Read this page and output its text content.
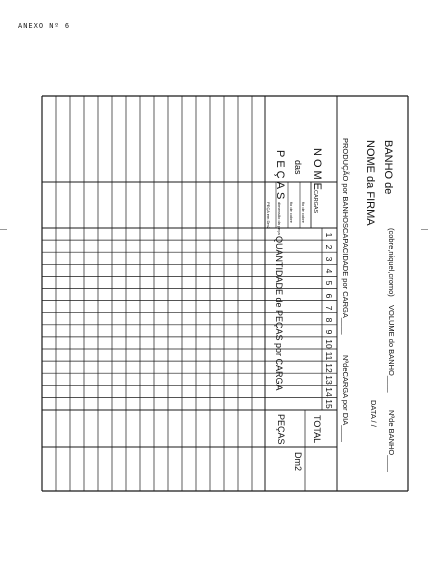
ANEXO Nº 6
BANHO de
(cobre,niquel,cromo)
VOLUME do BANHO____
Nºde BANHO____
NOME da FIRMA
DATA / /
PRODUÇÃO por BANHOS
CAPACIDADE por CARGA____
NºdeCARGA por DIA____
NOME
das
PEÇAS	CARGAS
fio de cobre
fio de cobre
dimensão da peça
PEÇA em Dm2
1
2
3
4
5
6
7
8
9
10
11
12
13
14
15
QUANTIDADE de PEÇAS por CARGA
TOTAL
PEÇAS
Dm2
